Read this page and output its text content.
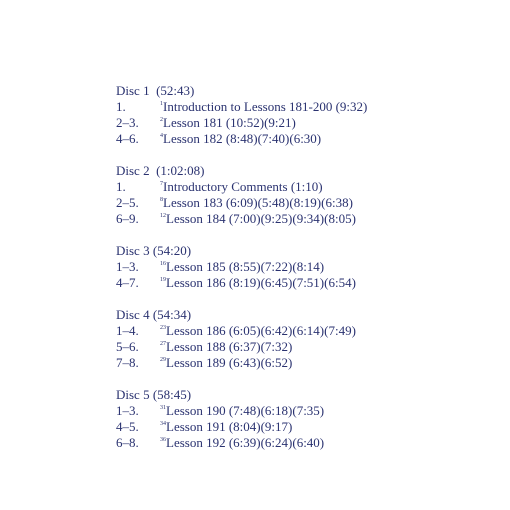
Disc 1 (52:43)
1.	$^1$Introduction to Lessons 181-200 (9:32)
2–3.	$^2$Lesson 181 (10:52)(9:21)
4–6.	$^4$Lesson 182 (8:48)(7:40)(6:30)
Disc 2 (1:02:08)
1.	$^7$Introductory Comments (1:10)
2–5.	$^8$Lesson 183 (6:09)(5:48)(8:19)(6:38)
6–9.	$^{12}$Lesson 184 (7:00)(9:25)(9:34)(8:05)
Disc 3 (54:20)
1–3.	$^{16}$Lesson 185 (8:55)(7:22)(8:14)
4–7.	$^{19}$Lesson 186 (8:19)(6:45)(7:51)(6:54)
Disc 4 (54:34)
1–4.	$^{23}$Lesson 186 (6:05)(6:42)(6:14)(7:49)
5–6.	$^{27}$Lesson 188 (6:37)(7:32)
7–8.	$^{29}$Lesson 189 (6:43)(6:52)
Disc 5 (58:45)
1–3.	$^{31}$Lesson 190 (7:48)(6:18)(7:35)
4–5.	$^{34}$Lesson 191 (8:04)(9:17)
6–8.	$^{36}$Lesson 192 (6:39)(6:24)(6:40)
